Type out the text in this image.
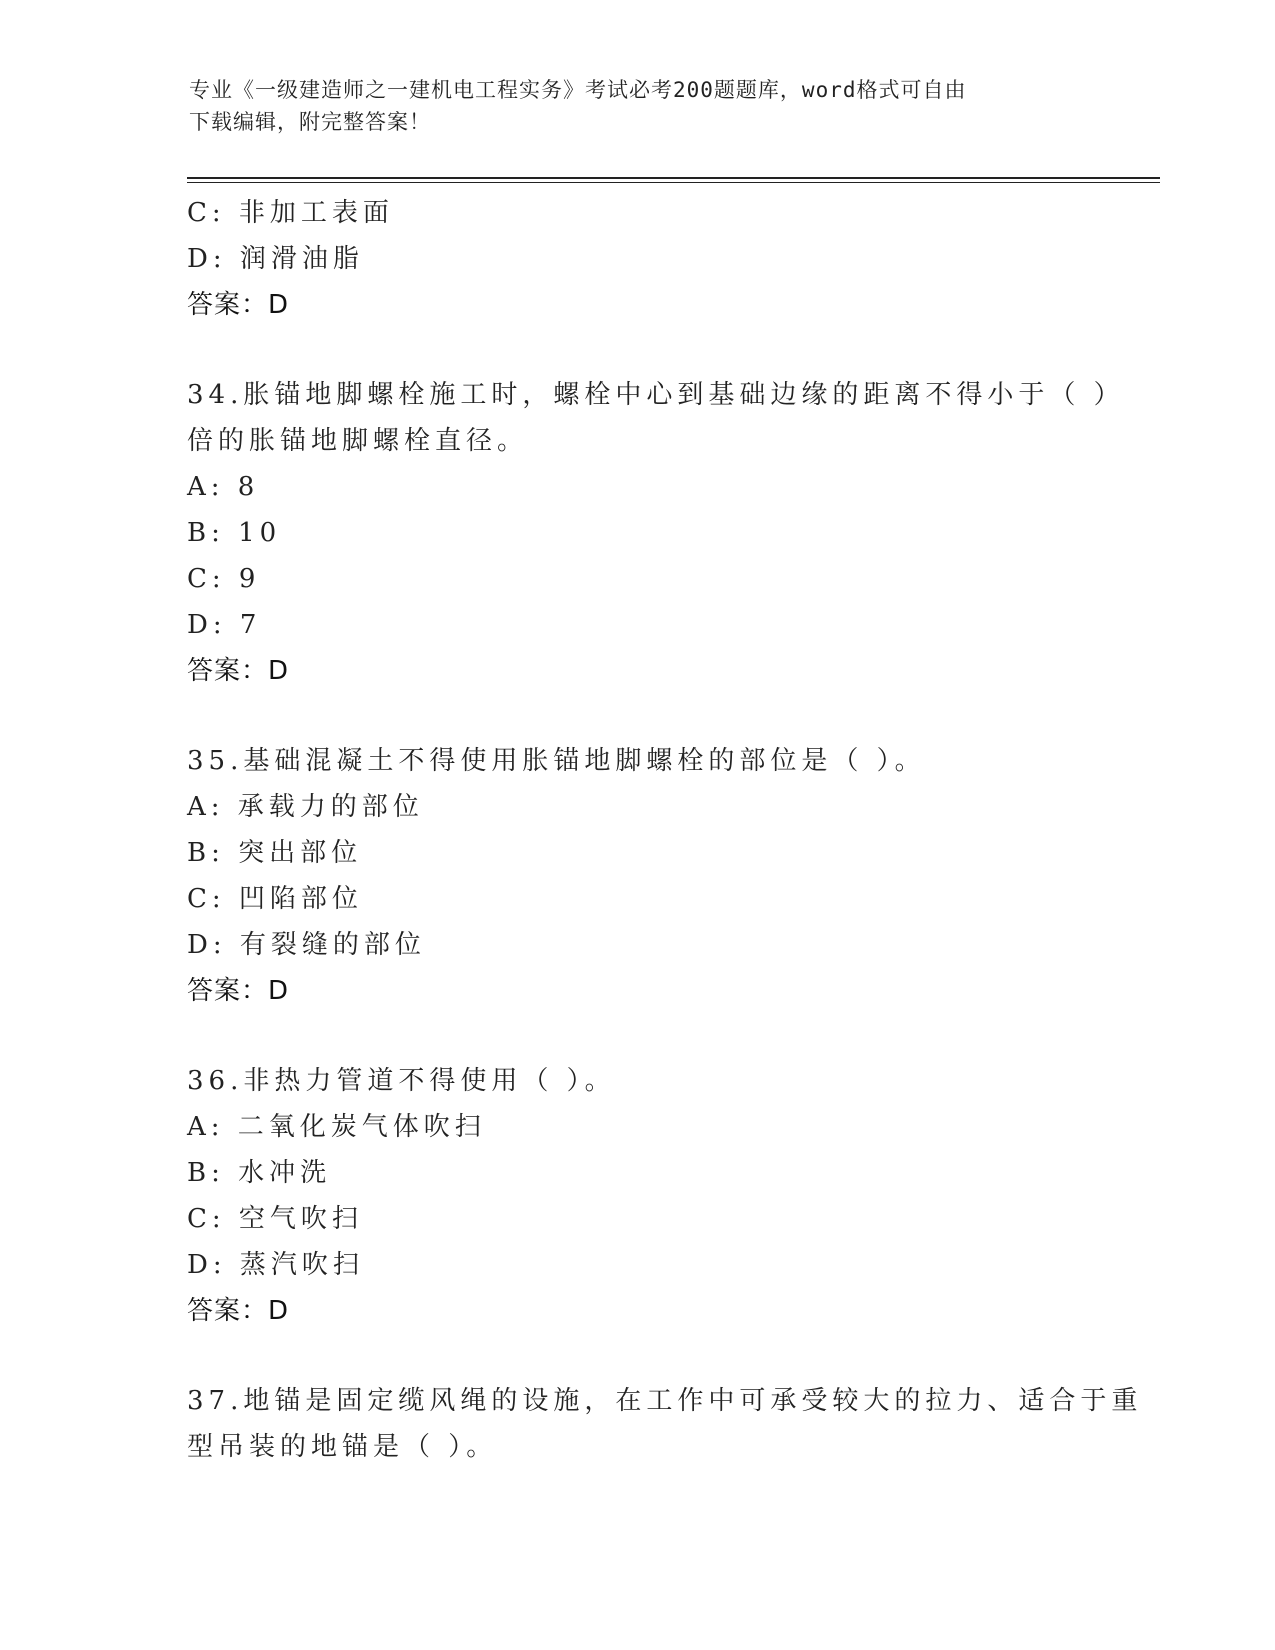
专业《一级建造师之一建机电工程实务》考试必考200题题库，word格式可自由
下载编辑，附完整答案！
C: 非加工表面
D: 润滑油脂
答案：D
34.胀锚地脚螺栓施工时，螺栓中心到基础边缘的距离不得小于（ ）
倍的胀锚地脚螺栓直径。
A: 8
B: 10
C: 9
D: 7
答案：D
35.基础混凝土不得使用胀锚地脚螺栓的部位是（ ）。
A: 承载力的部位
B: 突出部位
C: 凹陷部位
D: 有裂缝的部位
答案：D
36.非热力管道不得使用（ ）。
A: 二氧化炭气体吹扫
B: 水冲洗
C: 空气吹扫
D: 蒸汽吹扫
答案：D
37.地锚是固定缆风绳的设施，在工作中可承受较大的拉力、适合于重
型吊装的地锚是（ ）。
